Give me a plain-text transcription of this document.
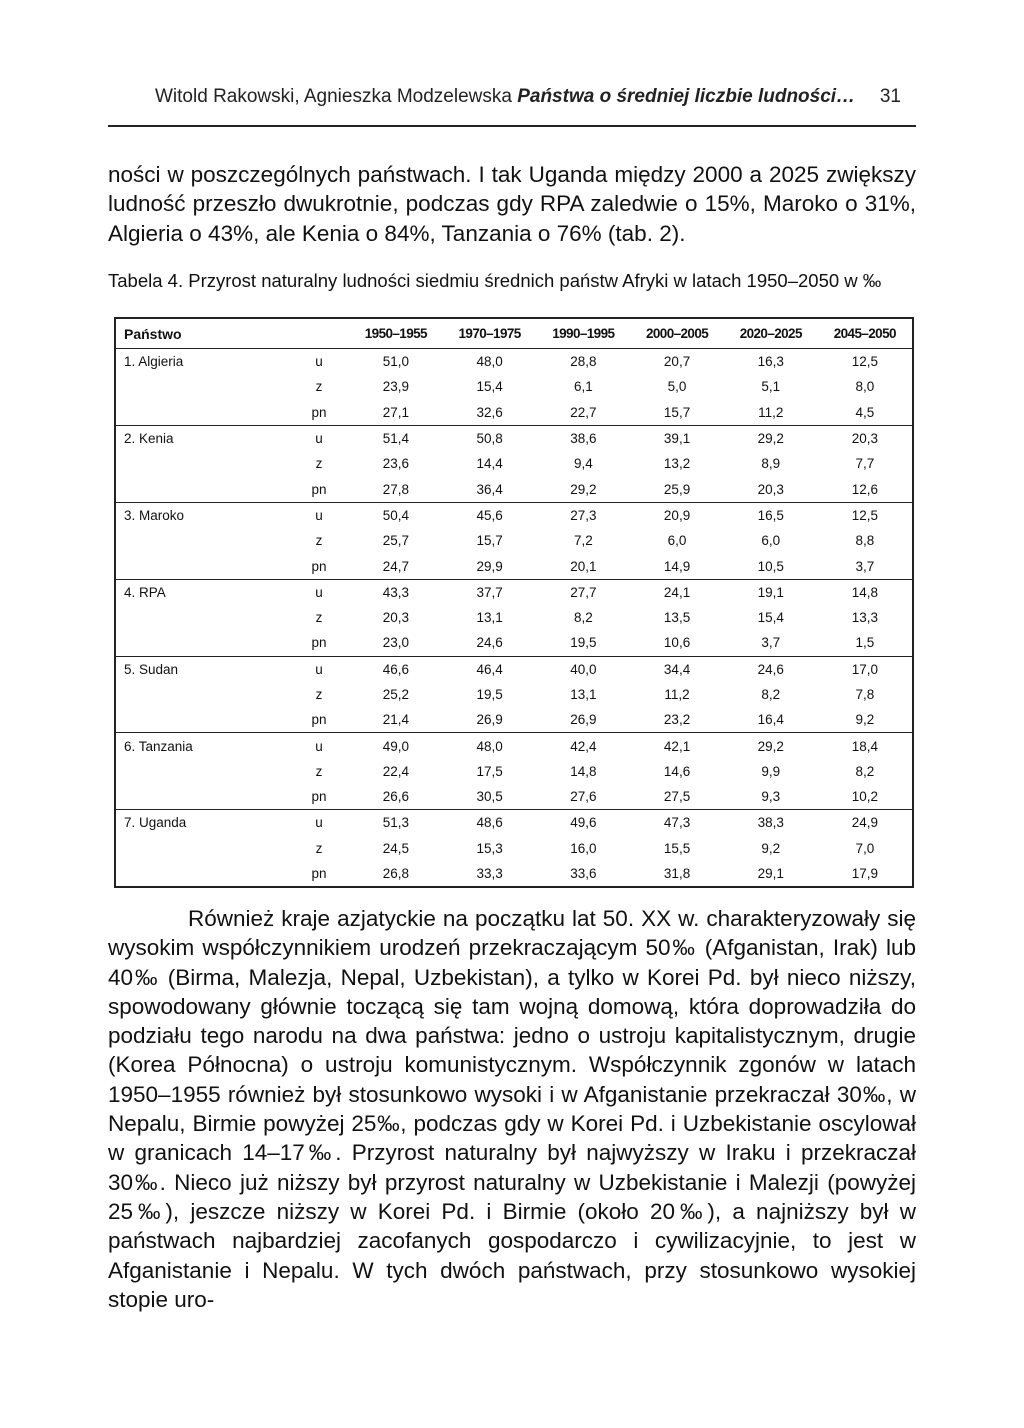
Witold Rakowski, Agnieszka Modzelewska Państwa o średniej liczbie ludności… 31

ności w poszczególnych państwach. I tak Uganda między 2000 a 2025 zwiększy ludność przeszło dwukrotnie, podczas gdy RPA zaledwie o 15%, Maroko o 31%, Algieria o 43%, ale Kenia o 84%, Tanzania o 76% (tab. 2).

Tabela 4. Przyrost naturalny ludności siedmiu średnich państw Afryki w latach 1950–2050 w ‰
Państwo		1950–1955	1970–1975	1990–1995	2000–2005	2020–2025	2045–2050
1. Algieria	u	51,0	48,0	28,8	20,7	16,3	12,5
	z	23,9	15,4	6,1	5,0	5,1	8,0
	pn	27,1	32,6	22,7	15,7	11,2	4,5
2. Kenia	u	51,4	50,8	38,6	39,1	29,2	20,3
	z	23,6	14,4	9,4	13,2	8,9	7,7
	pn	27,8	36,4	29,2	25,9	20,3	12,6
3. Maroko	u	50,4	45,6	27,3	20,9	16,5	12,5
	z	25,7	15,7	7,2	6,0	6,0	8,8
	pn	24,7	29,9	20,1	14,9	10,5	3,7
4. RPA	u	43,3	37,7	27,7	24,1	19,1	14,8
	z	20,3	13,1	8,2	13,5	15,4	13,3
	pn	23,0	24,6	19,5	10,6	3,7	1,5
5. Sudan	u	46,6	46,4	40,0	34,4	24,6	17,0
	z	25,2	19,5	13,1	11,2	8,2	7,8
	pn	21,4	26,9	26,9	23,2	16,4	9,2
6. Tanzania	u	49,0	48,0	42,4	42,1	29,2	18,4
	z	22,4	17,5	14,8	14,6	9,9	8,2
	pn	26,6	30,5	27,6	27,5	9,3	10,2
7. Uganda	u	51,3	48,6	49,6	47,3	38,3	24,9
	z	24,5	15,3	16,0	15,5	9,2	7,0
	pn	26,8	33,3	33,6	31,8	29,1	17,9

Również kraje azjatyckie na początku lat 50. XX w. charakteryzowały się wysokim współczynnikiem urodzeń przekraczającym 50‰ (Afganistan, Irak) lub 40‰ (Birma, Malezja, Nepal, Uzbekistan), a tylko w Korei Pd. był nieco niższy, spowodowany głównie toczącą się tam wojną domową, która doprowadziła do podziału tego narodu na dwa państwa: jedno o ustroju kapitalistycznym, drugie (Korea Północna) o ustroju komunistycznym. Współczynnik zgonów w latach 1950–1955 również był stosunkowo wysoki i w Afganistanie przekraczał 30‰, w Nepalu, Birmie powyżej 25‰, podczas gdy w Korei Pd. i Uzbekistanie oscylował w granicach 14–17‰. Przyrost naturalny był najwyższy w Iraku i przekraczał 30‰. Nieco już niższy był przyrost naturalny w Uzbekistanie i Malezji (powyżej 25‰), jeszcze niższy w Korei Pd. i Birmie (około 20‰), a najniższy był w państwach najbardziej zacofanych gospodarczo i cywilizacyjnie, to jest w Afganistanie i Nepalu. W tych dwóch państwach, przy stosunkowo wysokiej stopie uro-
